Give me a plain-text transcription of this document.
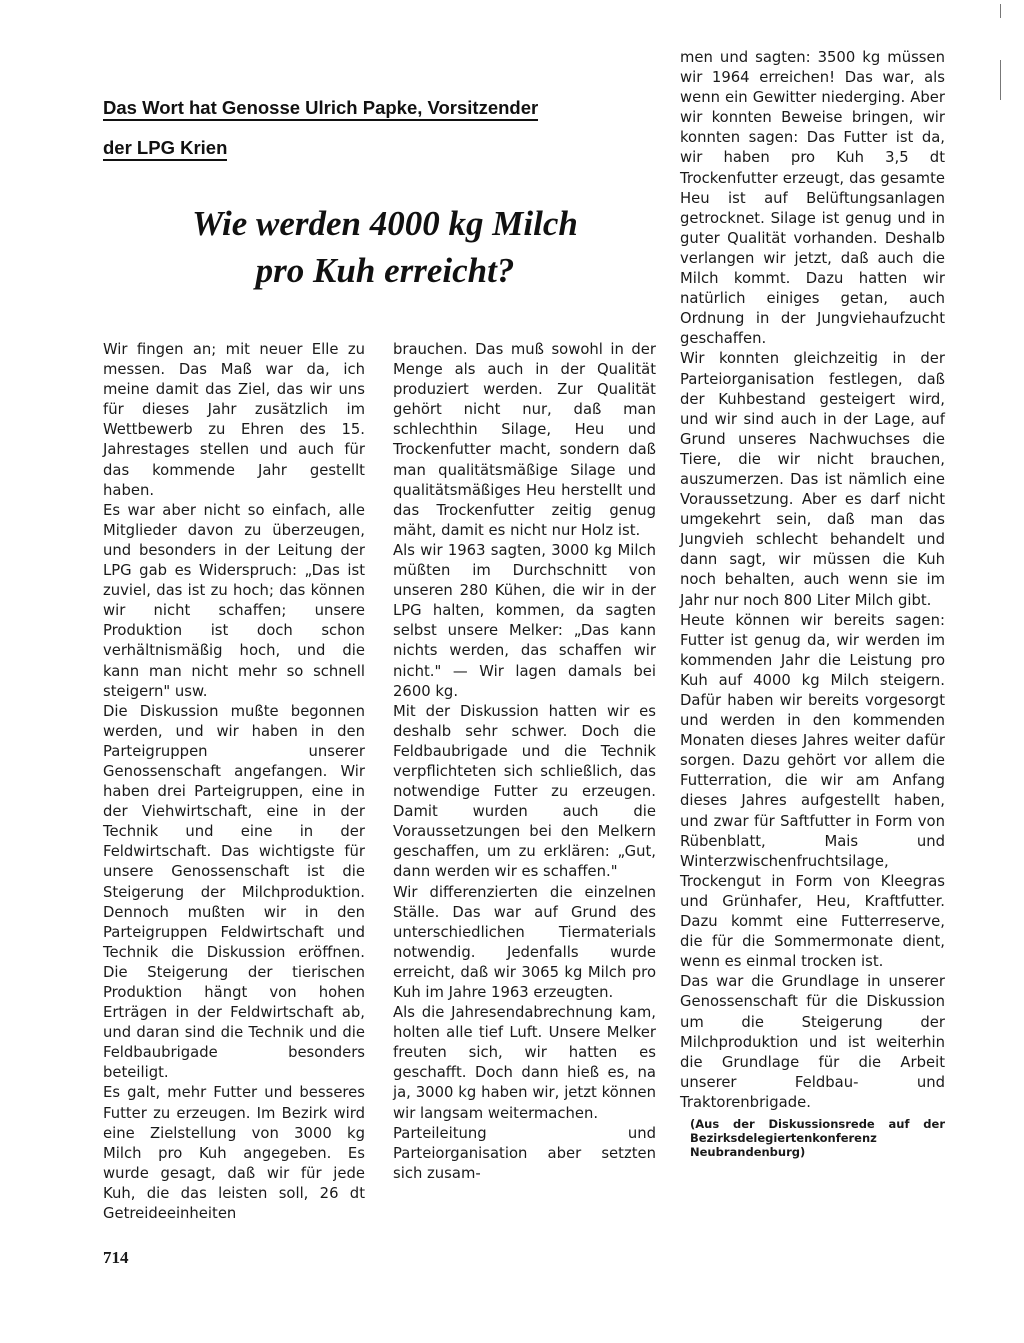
Das Wort hat Genosse Ulrich Papke, Vorsitzender
der LPG Krien
Wie werden 4000 kg Milch
pro Kuh erreicht?

Wir fingen an; mit neuer Elle zu messen. Das Maß war da, ich meine damit das Ziel, das wir uns für dieses Jahr zusätzlich im Wettbewerb zu Ehren des 15. Jahrestages stellen und auch für das kommende Jahr gestellt haben.

Es war aber nicht so einfach, alle Mitglieder davon zu überzeugen, und besonders in der Leitung der LPG gab es Widerspruch: „Das ist zuviel, das ist zu hoch; das können wir nicht schaffen; unsere Produktion ist doch schon verhältnismäßig hoch, und die kann man nicht mehr so schnell steigern" usw.

Die Diskussion mußte begonnen werden, und wir haben in den Parteigruppen unserer Genossenschaft angefangen. Wir haben drei Parteigruppen, eine in der Viehwirtschaft, eine in der Technik und eine in der Feldwirtschaft. Das wichtigste für unsere Genossenschaft ist die Steigerung der Milchproduktion. Dennoch mußten wir in den Parteigruppen Feldwirtschaft und Technik die Diskussion eröffnen. Die Steigerung der tierischen Produktion hängt von hohen Erträgen in der Feldwirtschaft ab, und daran sind die Technik und die Feldbaubrigade besonders beteiligt.

Es galt, mehr Futter und besseres Futter zu erzeugen. Im Bezirk wird eine Zielstellung von 3000 kg Milch pro Kuh angegeben. Es wurde gesagt, daß wir für jede Kuh, die das leisten soll, 26 dt Getreideeinheiten

brauchen. Das muß sowohl in der Menge als auch in der Qualität produziert werden. Zur Qualität gehört nicht nur, daß man schlechthin Silage, Heu und Trockenfutter macht, sondern daß man qualitätsmäßige Silage und qualitätsmäßiges Heu herstellt und das Trockenfutter zeitig genug mäht, damit es nicht nur Holz ist.

Als wir 1963 sagten, 3000 kg Milch müßten im Durchschnitt von unseren 280 Kühen, die wir in der LPG halten, kommen, da sagten selbst unsere Melker: „Das kann nichts werden, das schaffen wir nicht." — Wir lagen damals bei 2600 kg.

Mit der Diskussion hatten wir es deshalb sehr schwer. Doch die Feldbaubrigade und die Technik verpflichteten sich schließlich, das notwendige Futter zu erzeugen. Damit wurden auch die Voraussetzungen bei den Melkern geschaffen, um zu erklären: „Gut, dann werden wir es schaffen."

Wir differenzierten die einzelnen Ställe. Das war auf Grund des unterschiedlichen Tiermaterials notwendig. Jedenfalls wurde erreicht, daß wir 3065 kg Milch pro Kuh im Jahre 1963 erzeugten.

Als die Jahresendabrechnung kam, holten alle tief Luft. Unsere Melker freuten sich, wir hatten es geschafft. Doch dann hieß es, na ja, 3000 kg haben wir, jetzt können wir langsam weitermachen.

Parteileitung und Parteiorganisation aber setzten sich zusam-

men und sagten: 3500 kg müssen wir 1964 erreichen! Das war, als wenn ein Gewitter niederging. Aber wir konnten Beweise bringen, wir konnten sagen: Das Futter ist da, wir haben pro Kuh 3,5 dt Trockenfutter erzeugt, das gesamte Heu ist auf Belüftungsanlagen getrocknet. Silage ist genug und in guter Qualität vorhanden. Deshalb verlangen wir jetzt, daß auch die Milch kommt. Dazu hatten wir natürlich einiges getan, auch Ordnung in der Jungviehaufzucht geschaffen.

Wir konnten gleichzeitig in der Parteiorganisation festlegen, daß der Kuhbestand gesteigert wird, und wir sind auch in der Lage, auf Grund unseres Nachwuchses die Tiere, die wir nicht brauchen, auszumerzen. Das ist nämlich eine Voraussetzung. Aber es darf nicht umgekehrt sein, daß man das Jungvieh schlecht behandelt und dann sagt, wir müssen die Kuh noch behalten, auch wenn sie im Jahr nur noch 800 Liter Milch gibt.

Heute können wir bereits sagen: Futter ist genug da, wir werden im kommenden Jahr die Leistung pro Kuh auf 4000 kg Milch steigern. Dafür haben wir bereits vorgesorgt und werden in den kommenden Monaten dieses Jahres weiter dafür sorgen. Dazu gehört vor allem die Futterration, die wir am Anfang dieses Jahres aufgestellt haben, und zwar für Saftfutter in Form von Rübenblatt, Mais und Winterzwischenfruchtsilage, Trockengut in Form von Kleegras und Grünhafer, Heu, Kraftfutter. Dazu kommt eine Futterreserve, die für die Sommermonate dient, wenn es einmal trocken ist.

Das war die Grundlage in unserer Genossenschaft für die Diskussion um die Steigerung der Milchproduktion und ist weiterhin die Grundlage für die Arbeit unserer Feldbau- und Traktorenbrigade.

(Aus der Diskussionsrede auf der Bezirksdelegiertenkonferenz Neubrandenburg)

714
